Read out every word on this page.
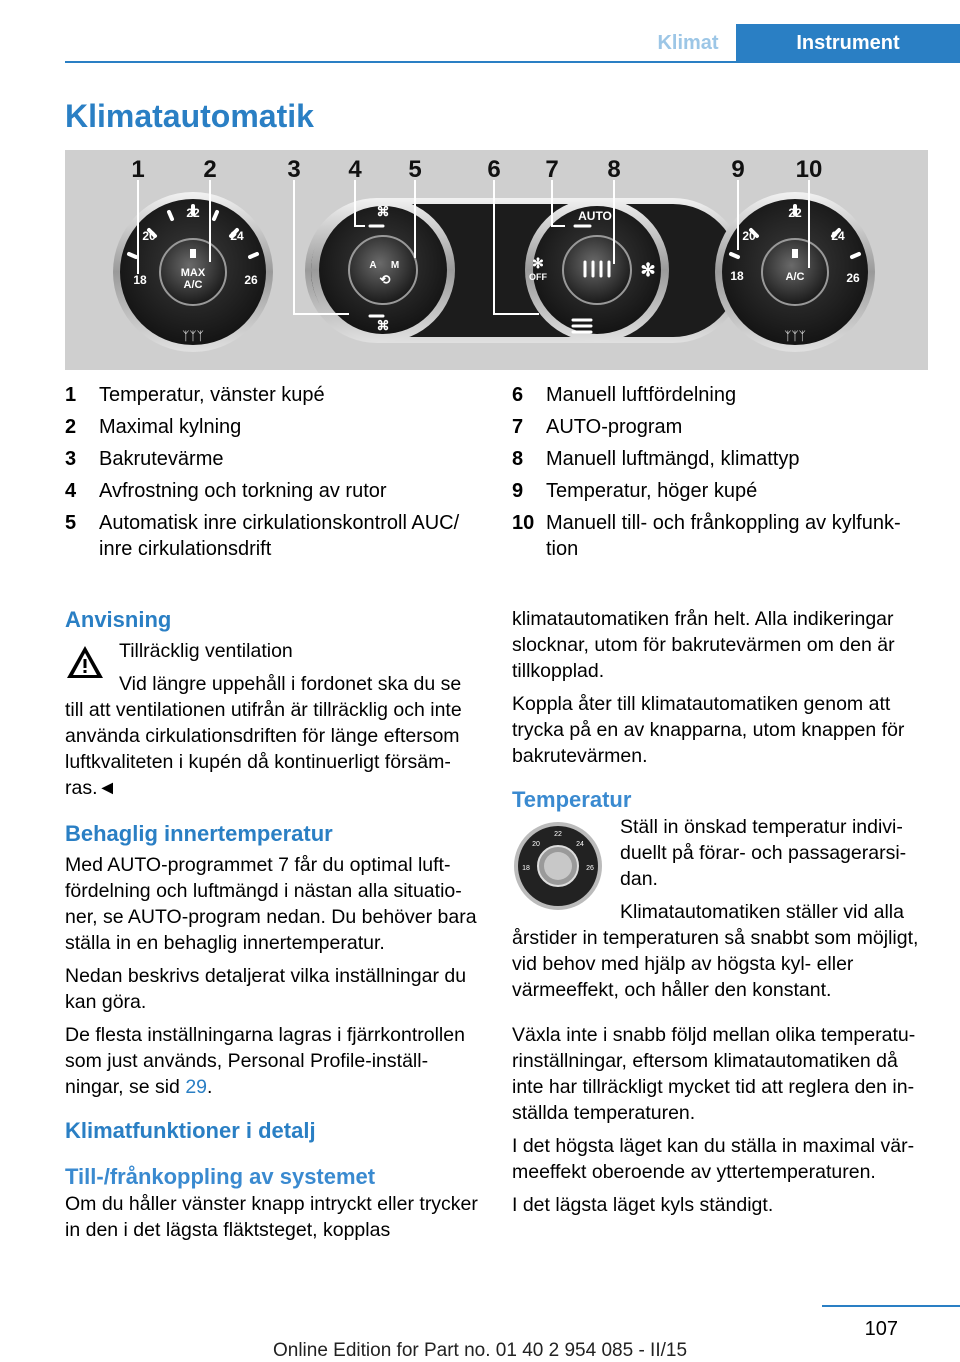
Klimat	Instrument
Klimatautomatik
18
20
22
24
26
MAX
A/C
ᛉᛉᛉ
AUTO
OFF
A M
⌘
⌘
⟲	✻
✻
18
20
22
24
26
A/C
ᛉᛉᛉ
1 2	3 4 5	6 7 8	9 10
1 Temperatur, vänster kupé
2 Maximal kylning
3 Bakrutevärme
4 Avfrostning och torkning av rutor
5 Automatisk inre cirkulationskontroll AUC/ inre cirkulationsdrift
6 Manuell luftfördelning
7 AUTO-program
8 Manuell luftmängd, klimattyp
9 Temperatur, höger kupé
10 Manuell till- och frånkoppling av kylfunktion
Anvisning

Tillräcklig ventilation

Vid längre uppehåll i fordonet ska du se till att ventilationen utifrån är tillräcklig och inte använda cirkulationsdriften för länge eftersom luftkvaliteten i kupén då kontinuerligt försämras.◄

Behaglig innertemperatur

Med AUTO-programmet 7 får du optimal luftfördelning och luftmängd i nästan alla situationer, se AUTO-program nedan. Du behöver bara ställa in en behaglig innertemperatur.

Nedan beskrivs detaljerat vilka inställningar du kan göra.

De flesta inställningarna lagras i fjärrkontrollen som just används, Personal Profile-inställningar, se sid 29.

Klimatfunktioner i detalj
Till-/frånkoppling av systemet

Om du håller vänster knapp intryckt eller trycker in den i det lägsta fläktsteget, kopplas

klimatautomatiken från helt. Alla indikeringar slocknar, utom för bakrutevärmen om den är tillkopplad.

Koppla åter till klimatautomatiken genom att trycka på en av knapparna, utom knappen för bakrutevärmen.

Temperatur
22
20	24
18	26

Ställ in önskad temperatur individuellt på förar- och passagerarsidan.

Klimatautomatiken ställer vid alla årstider in temperaturen så snabbt som möjligt, vid behov med hjälp av högsta kyl- eller värmeeffekt, och håller den konstant.

Växla inte i snabb följd mellan olika temperaturinställningar, eftersom klimatautomatiken då inte har tillräckligt mycket tid att reglera den inställda temperaturen.

I det högsta läget kan du ställa in maximal värmeeffekt oberoende av yttertemperaturen.

I det lägsta läget kyls ständigt.

107
Online Edition for Part no. 01 40 2 954 085 - II/15
